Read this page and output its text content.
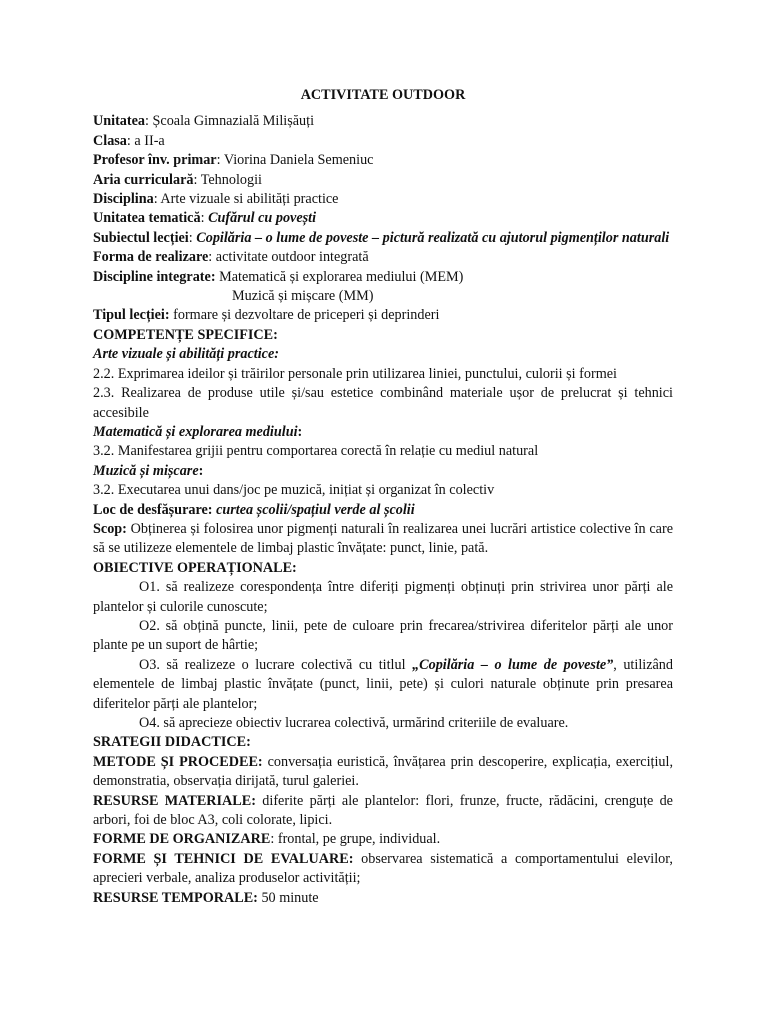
ACTIVITATE OUTDOOR
Unitatea: Școala Gimnazială Milișăuți
Clasa: a II-a
Profesor înv. primar: Viorina Daniela Semeniuc
Aria curriculară: Tehnologii
Disciplina: Arte vizuale si abilități practice
Unitatea tematică: Cufărul cu povești
Subiectul lecției: Copilăria – o lume de poveste – pictură realizată cu ajutorul pigmenților naturali
Forma de realizare: activitate outdoor integrată
Discipline integrate: Matematică și explorarea mediului (MEM)
Muzică și mișcare (MM)
Tipul lecției: formare și dezvoltare de priceperi și deprinderi
COMPETENȚE SPECIFICE:
Arte vizuale și abilități practice:
2.2. Exprimarea ideilor și trăirilor personale prin utilizarea liniei, punctului, culorii și formei
2.3. Realizarea de produse utile și/sau estetice combinând materiale ușor de prelucrat și tehnici accesibile
Matematică și explorarea mediului:
3.2. Manifestarea grijii pentru comportarea corectă în relație cu mediul natural
Muzică și mișcare:
3.2. Executarea unui dans/joc pe muzică, inițiat și organizat în colectiv
Loc de desfășurare: curtea școlii/spațiul verde al școlii
Scop: Obținerea și folosirea unor pigmenți naturali în realizarea unei lucrări artistice colective în care să se utilizeze elementele de limbaj plastic învățate: punct, linie, pată.
OBIECTIVE OPERAȚIONALE:
O1. să realizeze corespondența între diferiți pigmenți obținuți prin strivirea unor părți ale plantelor și culorile cunoscute;
O2. să obțină puncte, linii, pete de culoare prin frecarea/strivirea diferitelor părți ale unor plante pe un suport de hârtie;
O3. să realizeze o lucrare colectivă cu titlul „Copilăria – o lume de poveste”, utilizând elementele de limbaj plastic învățate (punct, linii, pete) și culori naturale obținute prin presarea diferitelor părți ale plantelor;
O4. să aprecieze obiectiv lucrarea colectivă, urmărind criteriile de evaluare.
SRATEGII DIDACTICE:
METODE ȘI PROCEDEE: conversația euristică, învățarea prin descoperire, explicația, exercițiul, demonstratia, observația dirijată, turul galeriei.
RESURSE MATERIALE: diferite părți ale plantelor: flori, frunze, fructe, rădăcini, crenguțe de arbori, foi de bloc A3, coli colorate, lipici.
FORME DE ORGANIZARE: frontal, pe grupe, individual.
FORME ȘI TEHNICI DE EVALUARE: observarea sistematică a comportamentului elevilor, aprecieri verbale, analiza produselor activității;
RESURSE TEMPORALE: 50 minute
